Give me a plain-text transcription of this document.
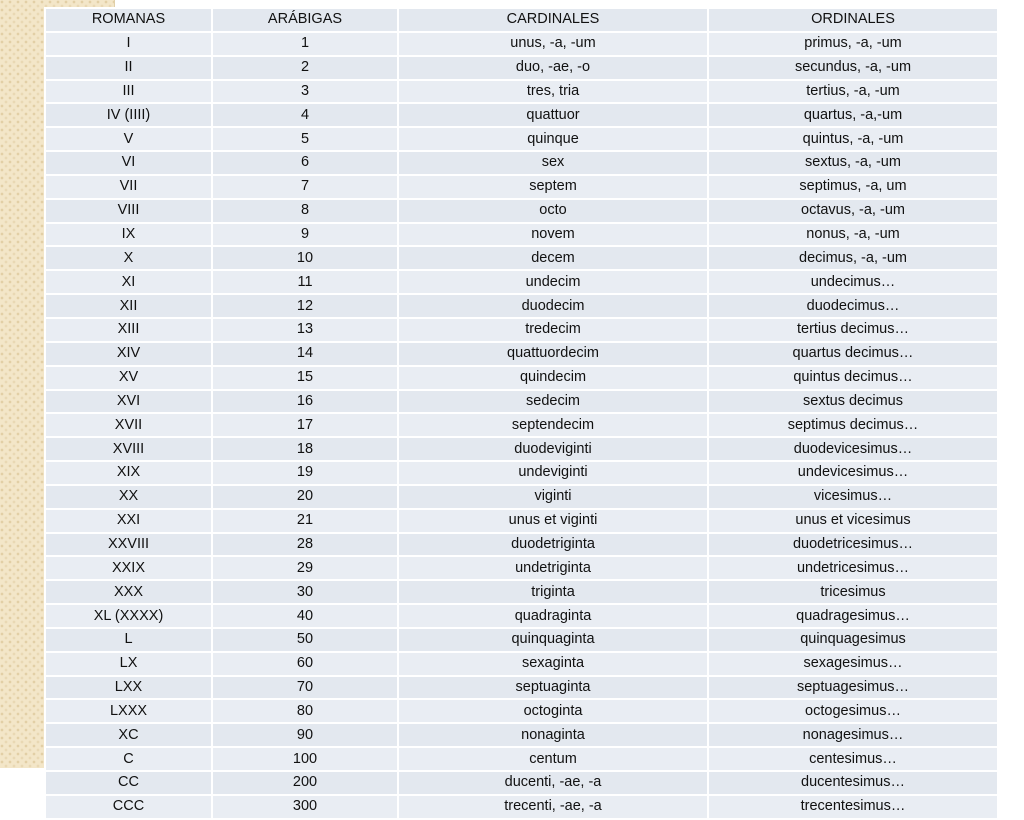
ROMANAS	ARÁBIGAS	CARDINALES	ORDINALES
I	1	unus, -a, -um	primus, -a, -um
II	2	duo, -ae, -o	secundus, -a, -um
III	3	tres, tria	tertius, -a, -um
IV (IIII)	4	quattuor	quartus, -a,-um
V	5	quinque	quintus, -a, -um
VI	6	sex	sextus, -a, -um
VII	7	septem	septimus, -a, um
VIII	8	octo	octavus, -a, -um
IX	9	novem	nonus, -a, -um
X	10	decem	decimus, -a, -um
XI	11	undecim	undecimus…
XII	12	duodecim	duodecimus…
XIII	13	tredecim	tertius decimus…
XIV	14	quattuordecim	quartus decimus…
XV	15	quindecim	quintus decimus…
XVI	16	sedecim	sextus decimus
XVII	17	septendecim	septimus decimus…
XVIII	18	duodeviginti	duodevicesimus…
XIX	19	undeviginti	undevicesimus…
XX	20	viginti	vicesimus…
XXI	21	unus et viginti	unus et vicesimus
XXVIII	28	duodetriginta	duodetricesimus…
XXIX	29	undetriginta	undetricesimus…
XXX	30	triginta	tricesimus
XL (XXXX)	40	quadraginta	quadragesimus…
L	50	quinquaginta	quinquagesimus
LX	60	sexaginta	sexagesimus…
LXX	70	septuaginta	septuagesimus…
LXXX	80	octoginta	octogesimus…
XC	90	nonaginta	nonagesimus…
C	100	centum	centesimus…
CC	200	ducenti, -ae, -a	ducentesimus…
CCC	300	trecenti, -ae, -a	trecentesimus…
